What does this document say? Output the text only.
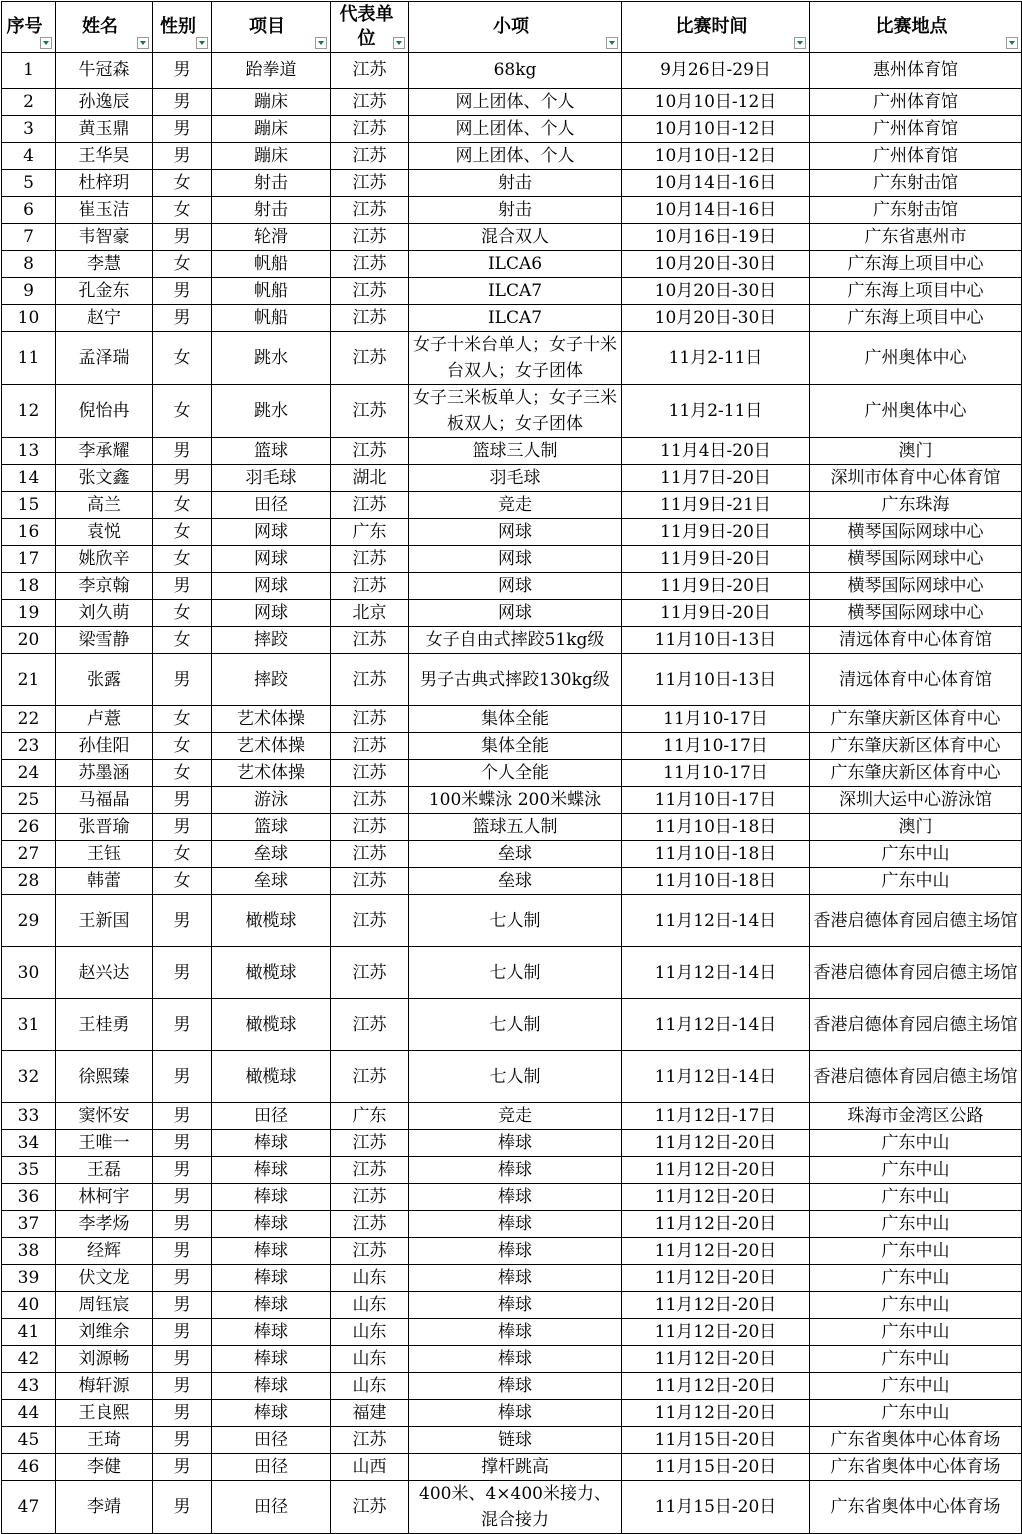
序号	姓名	性别	项目	代表单位	小项	比赛时间	比赛地点

1	牛冠森	男	跆拳道	江苏	68kg	9月26日-29日	惠州体育馆
2	孙逸辰	男	蹦床	江苏	网上团体、个人	10月10日-12日	广州体育馆
3	黄玉鼎	男	蹦床	江苏	网上团体、个人	10月10日-12日	广州体育馆
4	王华昊	男	蹦床	江苏	网上团体、个人	10月10日-12日	广州体育馆
5	杜梓玥	女	射击	江苏	射击	10月14日-16日	广东射击馆
6	崔玉洁	女	射击	江苏	射击	10月14日-16日	广东射击馆
7	韦智豪	男	轮滑	江苏	混合双人	10月16日-19日	广东省惠州市
8	李慧	女	帆船	江苏	ILCA6	10月20日-30日	广东海上项目中心
9	孔金东	男	帆船	江苏	ILCA7	10月20日-30日	广东海上项目中心
10	赵宁	男	帆船	江苏	ILCA7	10月20日-30日	广东海上项目中心
11	孟泽瑞	女	跳水	江苏	女子十米台单人；女子十米台双人；女子团体	11月2-11日	广州奥体中心
12	倪怡冉	女	跳水	江苏	女子三米板单人；女子三米板双人；女子团体	11月2-11日	广州奥体中心
13	李承耀	男	篮球	江苏	篮球三人制	11月4日-20日	澳门
14	张文鑫	男	羽毛球	湖北	羽毛球	11月7日-20日	深圳市体育中心体育馆
15	高兰	女	田径	江苏	竞走	11月9日-21日	广东珠海
16	袁悦	女	网球	广东	网球	11月9日-20日	横琴国际网球中心
17	姚欣辛	女	网球	江苏	网球	11月9日-20日	横琴国际网球中心
18	李京翰	男	网球	江苏	网球	11月9日-20日	横琴国际网球中心
19	刘久萌	女	网球	北京	网球	11月9日-20日	横琴国际网球中心
20	梁雪静	女	摔跤	江苏	女子自由式摔跤51kg级	11月10日-13日	清远体育中心体育馆
21	张露	男	摔跤	江苏	男子古典式摔跤130kg级	11月10日-13日	清远体育中心体育馆
22	卢薏	女	艺术体操	江苏	集体全能	11月10-17日	广东肇庆新区体育中心
23	孙佳阳	女	艺术体操	江苏	集体全能	11月10-17日	广东肇庆新区体育中心
24	苏墨涵	女	艺术体操	江苏	个人全能	11月10-17日	广东肇庆新区体育中心
25	马福晶	男	游泳	江苏	100米蝶泳 200米蝶泳	11月10日-17日	深圳大运中心游泳馆
26	张晋瑜	男	篮球	江苏	篮球五人制	11月10日-18日	澳门
27	王钰	女	垒球	江苏	垒球	11月10日-18日	广东中山
28	韩蕾	女	垒球	江苏	垒球	11月10日-18日	广东中山
29	王新国	男	橄榄球	江苏	七人制	11月12日-14日	香港启德体育园启德主场馆
30	赵兴达	男	橄榄球	江苏	七人制	11月12日-14日	香港启德体育园启德主场馆
31	王桂勇	男	橄榄球	江苏	七人制	11月12日-14日	香港启德体育园启德主场馆
32	徐熙臻	男	橄榄球	江苏	七人制	11月12日-14日	香港启德体育园启德主场馆
33	窦怀安	男	田径	广东	竞走	11月12日-17日	珠海市金湾区公路
34	王唯一	男	棒球	江苏	棒球	11月12日-20日	广东中山
35	王磊	男	棒球	江苏	棒球	11月12日-20日	广东中山
36	林柯宇	男	棒球	江苏	棒球	11月12日-20日	广东中山
37	李孝炀	男	棒球	江苏	棒球	11月12日-20日	广东中山
38	经辉	男	棒球	江苏	棒球	11月12日-20日	广东中山
39	伏文龙	男	棒球	山东	棒球	11月12日-20日	广东中山
40	周钰宸	男	棒球	山东	棒球	11月12日-20日	广东中山
41	刘维余	男	棒球	山东	棒球	11月12日-20日	广东中山
42	刘源畅	男	棒球	山东	棒球	11月12日-20日	广东中山
43	梅轩源	男	棒球	山东	棒球	11月12日-20日	广东中山
44	王良熙	男	棒球	福建	棒球	11月12日-20日	广东中山
45	王琦	男	田径	江苏	链球	11月15日-20日	广东省奥体中心体育场
46	李健	男	田径	山西	撑杆跳高	11月15日-20日	广东省奥体中心体育场
47	李靖	男	田径	江苏	400米、4×400米接力、混合接力	11月15日-20日	广东省奥体中心体育场
